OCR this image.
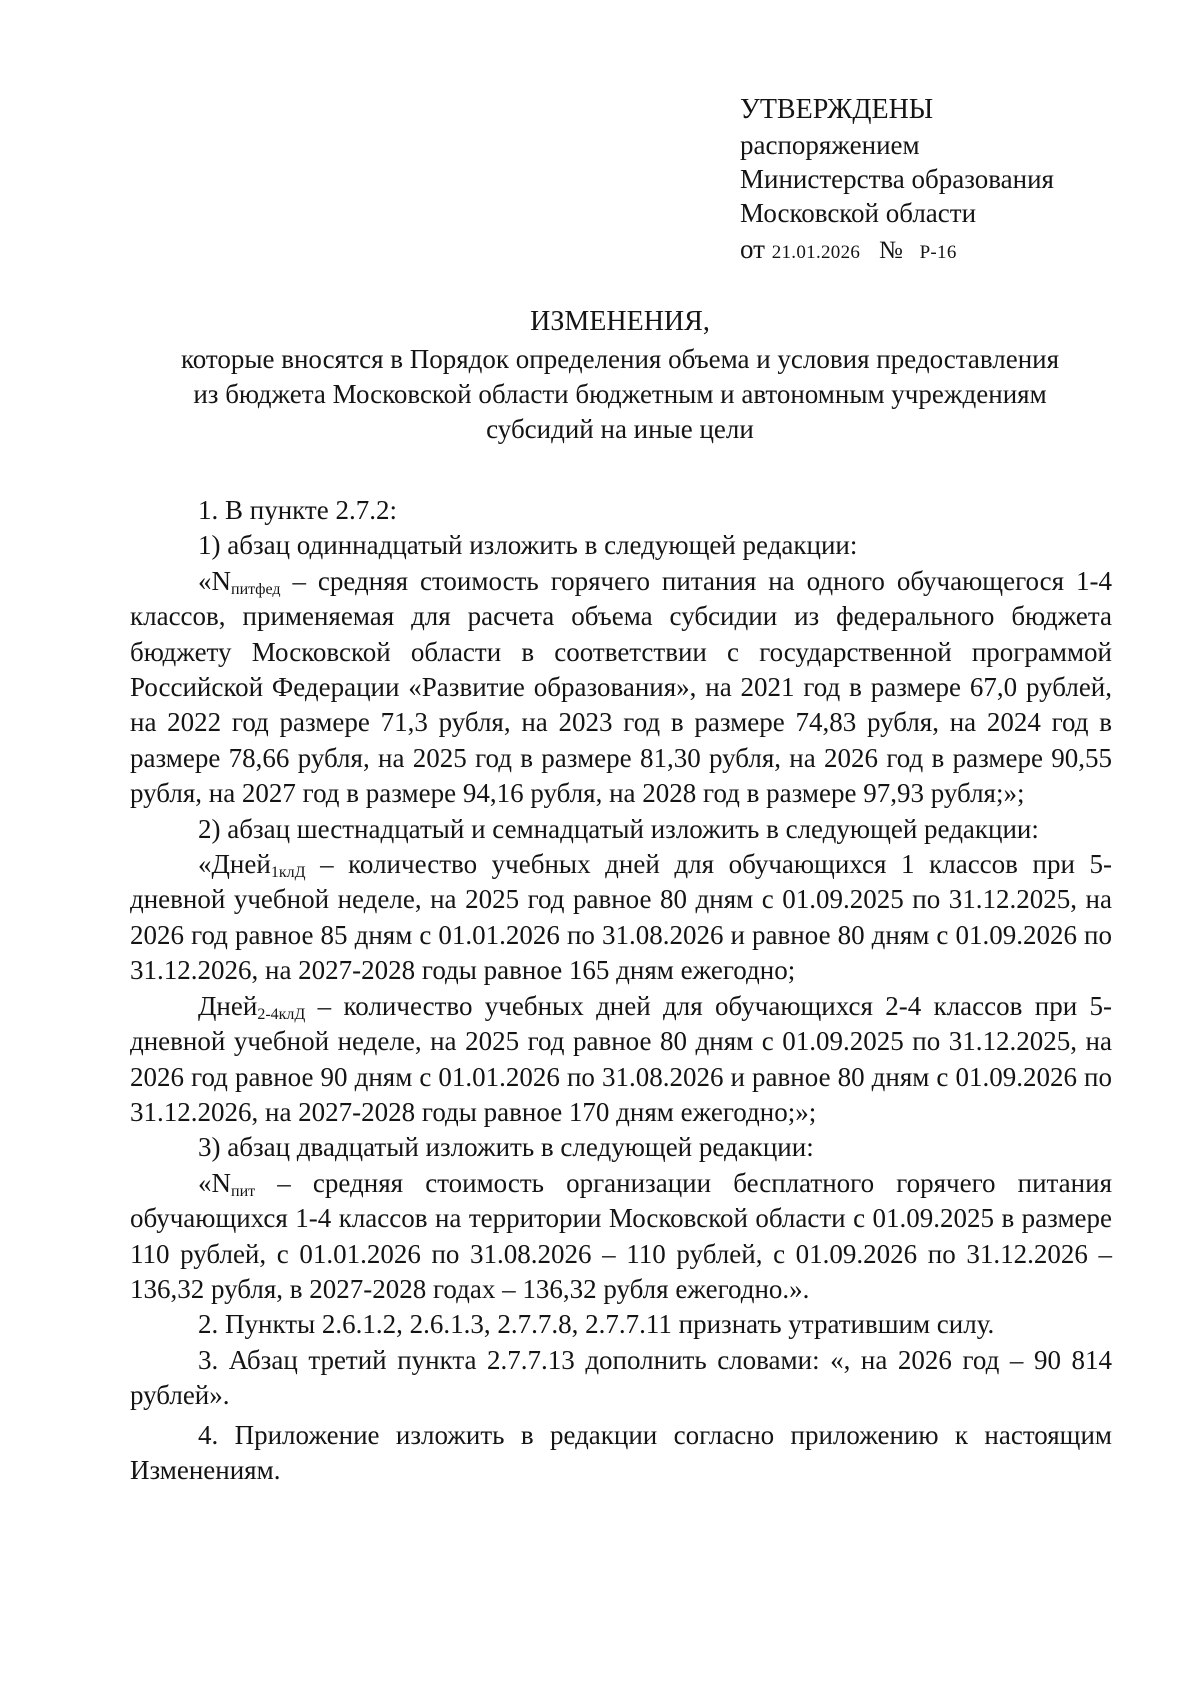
УТВЕРЖДЕНЫ
распоряжением
Министерства образования
Московской области
от 21.01.2026 № Р-16
ИЗМЕНЕНИЯ,
которые вносятся в Порядок определения объема и условия предоставления
из бюджета Московской области бюджетным и автономным учреждениям
субсидий на иные цели

1. В пункте 2.7.2:

1) абзац одиннадцатый изложить в следующей редакции:

«$N_{питфед}$ – средняя стоимость горячего питания на одного обучающегося 1-4 классов, применяемая для расчета объема субсидии из федерального бюджета бюджету Московской области в соответствии с государственной программой Российской Федерации «Развитие образования», на 2021 год в размере 67,0 рублей, на 2022 год размере 71,3 рубля, на 2023 год в размере 74,83 рубля, на 2024 год в размере 78,66 рубля, на 2025 год в размере 81,30 рубля, на 2026 год в размере 90,55 рубля, на 2027 год в размере 94,16 рубля, на 2028 год в размере 97,93 рубля;»;

2) абзац шестнадцатый и семнадцатый изложить в следующей редакции:

«Дней$_{1клД}$ – количество учебных дней для обучающихся 1 классов при 5-дневной учебной неделе, на 2025 год равное 80 дням с 01.09.2025 по 31.12.2025, на 2026 год равное 85 дням с 01.01.2026 по 31.08.2026 и равное 80 дням с 01.09.2026 по 31.12.2026, на 2027-2028 годы равное 165 дням ежегодно;

Дней$_{2-4клД}$ – количество учебных дней для обучающихся 2-4 классов при 5-дневной учебной неделе, на 2025 год равное 80 дням с 01.09.2025 по 31.12.2025, на 2026 год равное 90 дням с 01.01.2026 по 31.08.2026 и равное 80 дням с 01.09.2026 по 31.12.2026, на 2027-2028 годы равное 170 дням ежегодно;»;

3) абзац двадцатый изложить в следующей редакции:

«$N_{пит}$ – средняя стоимость организации бесплатного горячего питания обучающихся 1-4 классов на территории Московской области с 01.09.2025 в размере 110 рублей, с 01.01.2026 по 31.08.2026 – 110 рублей, с 01.09.2026 по 31.12.2026 – 136,32 рубля, в 2027-2028 годах – 136,32 рубля ежегодно.».

2. Пункты 2.6.1.2, 2.6.1.3, 2.7.7.8, 2.7.7.11 признать утратившим силу.

3. Абзац третий пункта 2.7.7.13 дополнить словами: «, на 2026 год – 90 814 рублей».

4. Приложение изложить в редакции согласно приложению к настоящим Изменениям.
